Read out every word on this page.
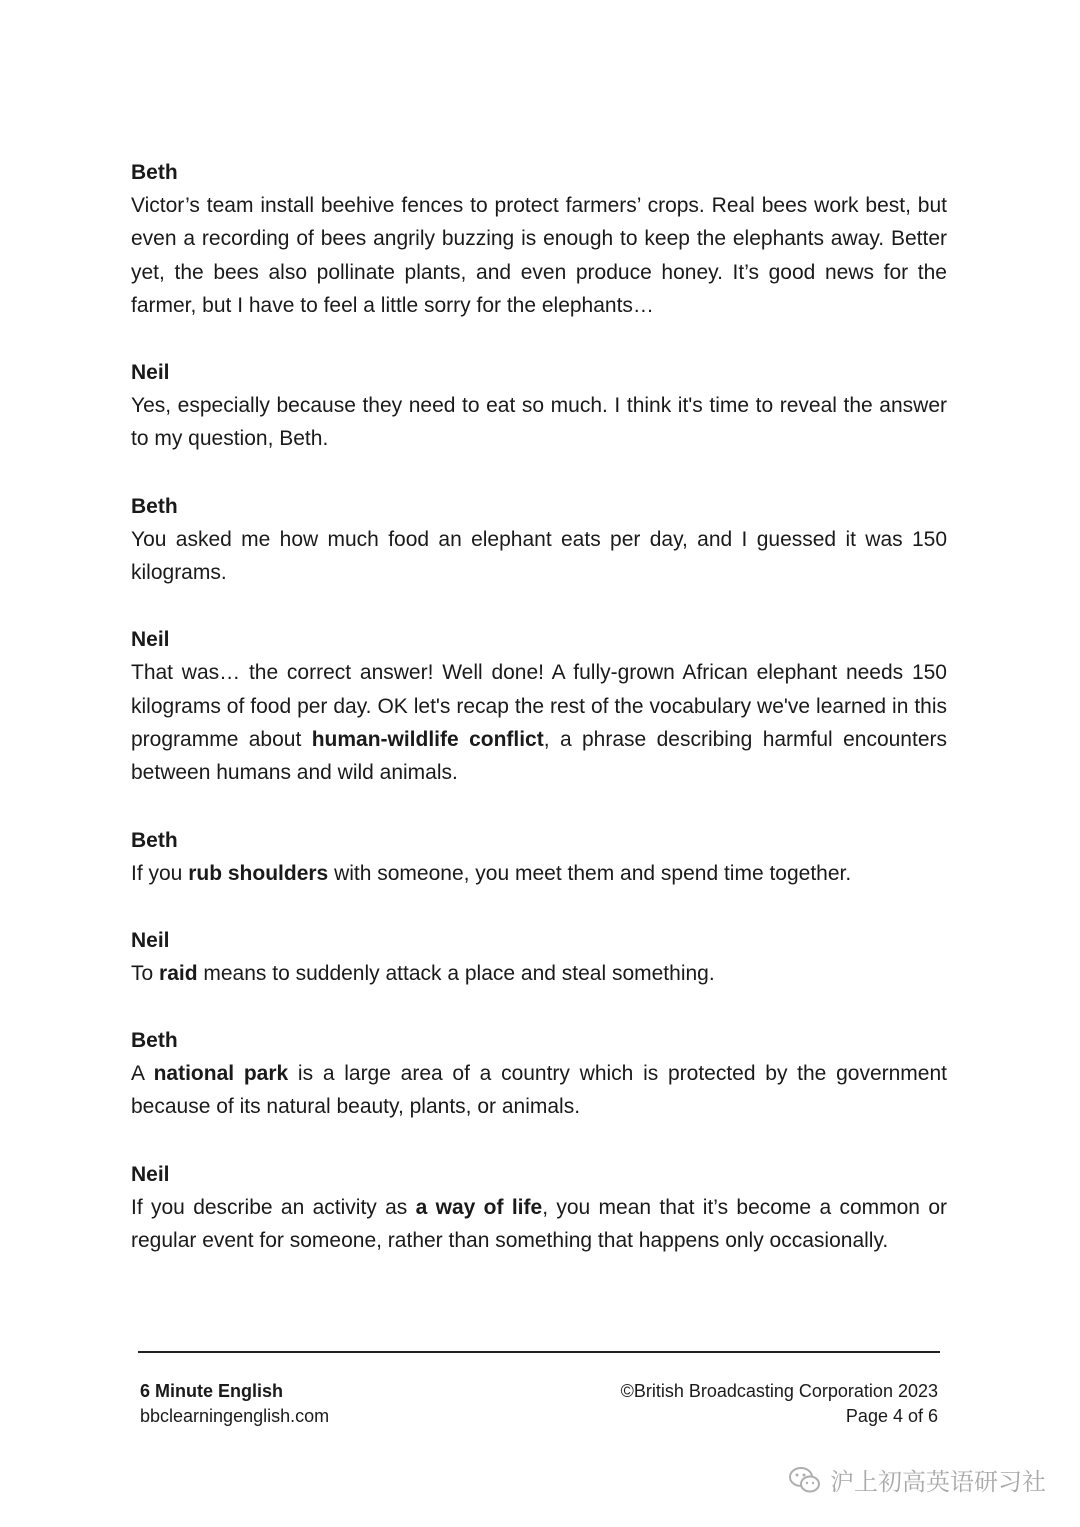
Beth

Victor’s team install beehive fences to protect farmers’ crops. Real bees work best, but even a recording of bees angrily buzzing is enough to keep the elephants away. Better yet, the bees also pollinate plants, and even produce honey. It’s good news for the farmer, but I have to feel a little sorry for the elephants…

Neil

Yes, especially because they need to eat so much. I think it's time to reveal the answer to my question, Beth.

Beth

You asked me how much food an elephant eats per day, and I guessed it was 150 kilograms.

Neil

That was… the correct answer! Well done! A fully-grown African elephant needs 150 kilograms of food per day. OK let's recap the rest of the vocabulary we've learned in this programme about human-wildlife conflict, a phrase describing harmful encounters between humans and wild animals.

Beth

If you rub shoulders with someone, you meet them and spend time together.

Neil

To raid means to suddenly attack a place and steal something.

Beth

A national park is a large area of a country which is protected by the government because of its natural beauty, plants, or animals.

Neil

If you describe an activity as a way of life, you mean that it’s become a common or regular event for someone, rather than something that happens only occasionally.

6 Minute English
bbclearningenglish.com
©British Broadcasting Corporation 2023
Page 4 of 6
沪上初高英语研习社
